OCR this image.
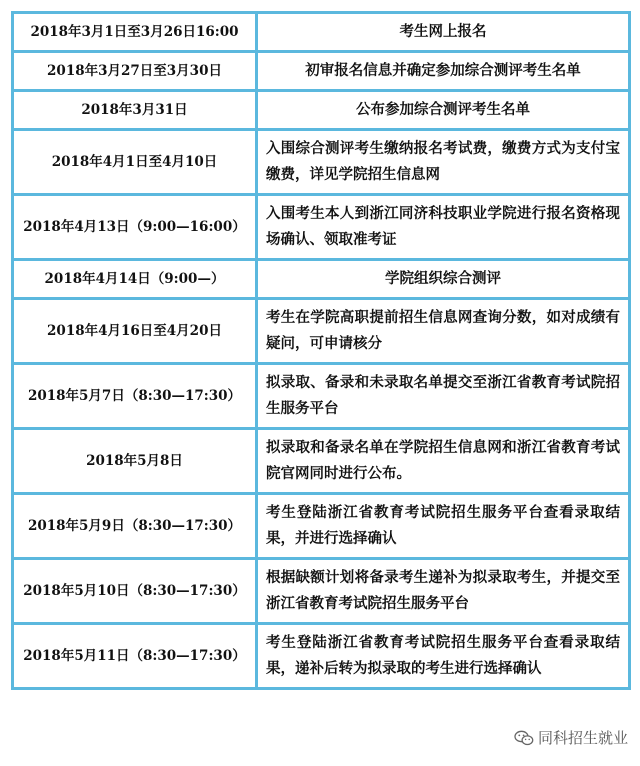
2018年3月1日至3月26日16:00	考生网上报名
2018年3月27日至3月30日	初审报名信息并确定参加综合测评考生名单
2018年3月31日	公布参加综合测评考生名单
2018年4月1日至4月10日	入围综合测评考生缴纳报名考试费，缴费方式为支付宝缴费，详见学院招生信息网
2018年4月13日（9:00—16:00）	入围考生本人到浙江同济科技职业学院进行报名资格现场确认、领取准考证
2018年4月14日（9:00—）	学院组织综合测评
2018年4月16日至4月20日	考生在学院高职提前招生信息网查询分数，如对成绩有疑问，可申请核分
2018年5月7日（8:30—17:30）	拟录取、备录和未录取名单提交至浙江省教育考试院招生服务平台
2018年5月8日	拟录取和备录名单在学院招生信息网和浙江省教育考试院官网同时进行公布。
2018年5月9日（8:30—17:30）	考生登陆浙江省教育考试院招生服务平台查看录取结果，并进行选择确认
2018年5月10日（8:30—17:30）	根据缺额计划将备录考生递补为拟录取考生，并提交至浙江省教育考试院招生服务平台
2018年5月11日（8:30—17:30）	考生登陆浙江省教育考试院招生服务平台查看录取结果，递补后转为拟录取的考生进行选择确认
同科招生就业
